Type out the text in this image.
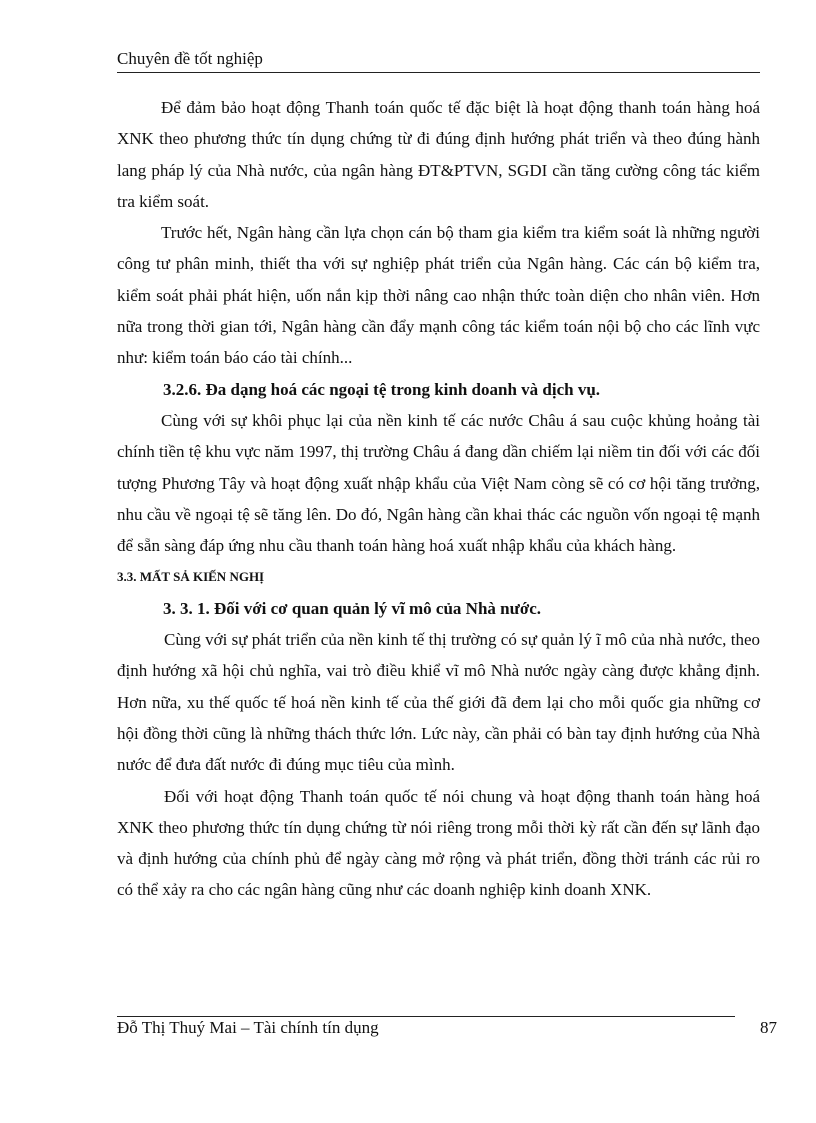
Chuyên đề tốt nghiệp

Để đảm bảo hoạt động Thanh toán quốc tế đặc biệt là hoạt động thanh toán hàng hoá XNK theo phương thức tín dụng chứng từ đi đúng định hướng phát triển và theo đúng hành lang pháp lý của Nhà nước, của ngân hàng ĐT&PTVN, SGDI cần tăng cường công tác kiểm tra kiểm soát.

Trước hết, Ngân hàng cần lựa chọn cán bộ tham gia kiểm tra kiểm soát là những người công tư phân minh, thiết tha với sự nghiệp phát triển của Ngân hàng. Các cán bộ kiểm tra, kiểm soát phải phát hiện, uốn nắn kịp thời nâng cao nhận thức toàn diện cho nhân viên. Hơn nữa trong thời gian tới, Ngân hàng cần đẩy mạnh công tác kiểm toán nội bộ cho các lĩnh vực như: kiểm toán báo cáo tài chính...

3.2.6. Đa dạng hoá các ngoại tệ trong kinh doanh và dịch vụ.

Cùng với sự khôi phục lại của nền kinh tế các nước Châu á sau cuộc khủng hoảng tài chính tiền tệ khu vực năm 1997, thị trường Châu á đang dần chiếm lại niềm tin đối với các đối tượng Phương Tây và hoạt động xuất nhập khẩu của Việt Nam còng sẽ có cơ hội tăng trưởng, nhu cầu về ngoại tệ sẽ tăng lên. Do đó, Ngân hàng cần khai thác các nguồn vốn ngoại tệ mạnh để sẵn sàng đáp ứng nhu cầu thanh toán hàng hoá xuất nhập khẩu của khách hàng.

3.3. MẤT SẢ KIẾN NGHỊ

3. 3. 1. Đối với cơ quan quản lý vĩ mô của Nhà nước.

Cùng với sự phát triển của nền kinh tế thị trường có sự quản lý ĩ mô của nhà nước, theo định hướng xã hội chủ nghĩa, vai trò điều khiể vĩ mô Nhà nước ngày càng được khẳng định. Hơn nữa, xu thế quốc tế hoá nền kinh tế của thế giới đã đem lại cho mỗi quốc gia những cơ hội đồng thời cũng là những thách thức lớn. Lức này, cần phải có bàn tay định hướng của Nhà nước để đưa đất nước đi đúng mục tiêu của mình.

Đối với hoạt động Thanh toán quốc tế nói chung và hoạt động thanh toán hàng hoá XNK theo phương thức tín dụng chứng từ nói riêng trong mỗi thời kỳ rất cần đến sự lãnh đạo và định hướng của chính phủ để ngày càng mở rộng và phát triển, đồng thời tránh các rủi ro có thể xảy ra cho các ngân hàng cũng như các doanh nghiệp kinh doanh XNK.

Đỗ Thị Thuý Mai – Tài chính tín dụng	87
